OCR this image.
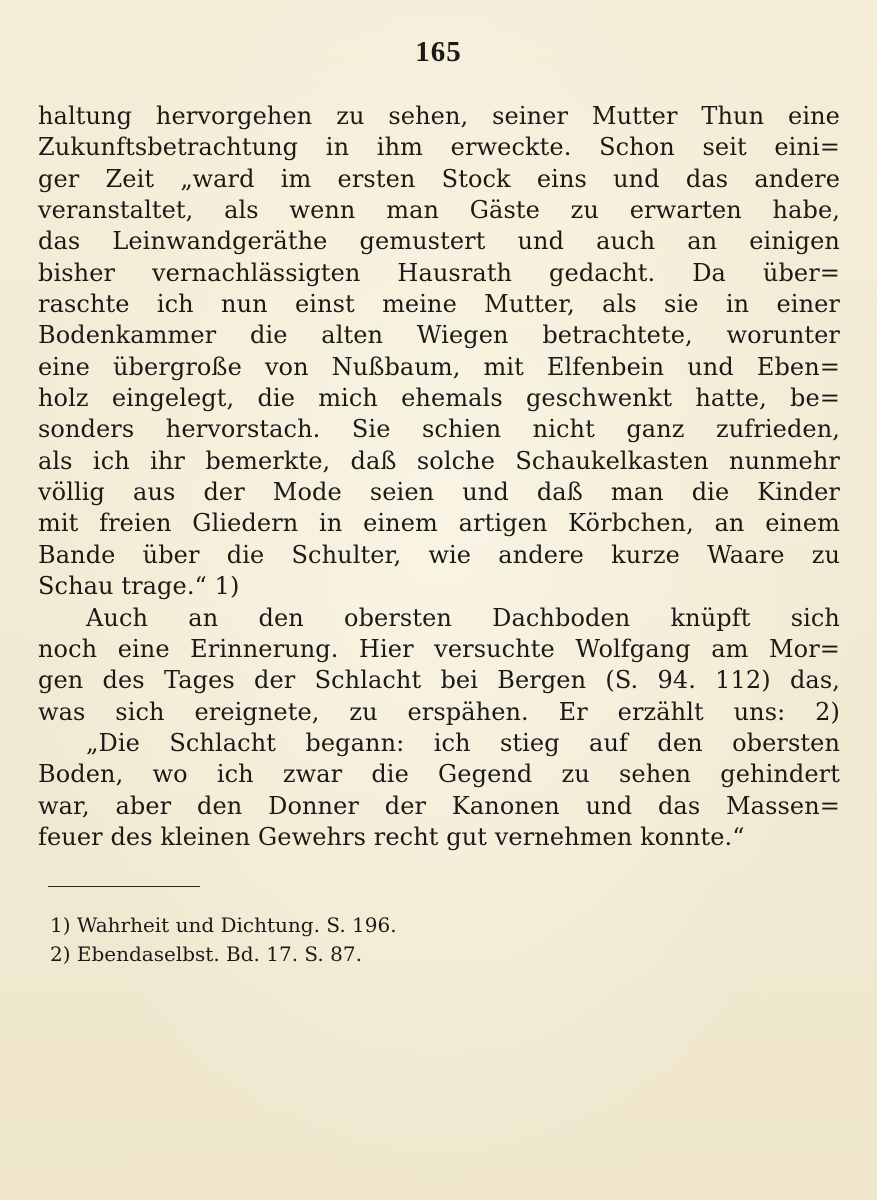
165
haltung hervorgehen zu sehen, seiner Mutter Thun eine
Zukunftsbetrachtung in ihm erweckte. Schon seit eini=
ger Zeit „ward im ersten Stock eins und das andere
veranstaltet, als wenn man Gäste zu erwarten habe,
das Leinwandgeräthe gemustert und auch an einigen
bisher vernachlässigten Hausrath gedacht. Da über=
raschte ich nun einst meine Mutter, als sie in einer
Bodenkammer die alten Wiegen betrachtete, worunter
eine übergroße von Nußbaum, mit Elfenbein und Eben=
holz eingelegt, die mich ehemals geschwenkt hatte, be=
sonders hervorstach. Sie schien nicht ganz zufrieden,
als ich ihr bemerkte, daß solche Schaukelkasten nunmehr
völlig aus der Mode seien und daß man die Kinder
mit freien Gliedern in einem artigen Körbchen, an einem
Bande über die Schulter, wie andere kurze Waare zu
Schau trage.“ 1)
Auch an den obersten Dachboden knüpft sich
noch eine Erinnerung. Hier versuchte Wolfgang am Mor=
gen des Tages der Schlacht bei Bergen (S. 94. 112) das,
was sich ereignete, zu erspähen. Er erzählt uns: 2)
„Die Schlacht begann: ich stieg auf den obersten
Boden, wo ich zwar die Gegend zu sehen gehindert
war, aber den Donner der Kanonen und das Massen=
feuer des kleinen Gewehrs recht gut vernehmen konnte.“
1) Wahrheit und Dichtung. S. 196.
2) Ebendaselbst. Bd. 17. S. 87.
